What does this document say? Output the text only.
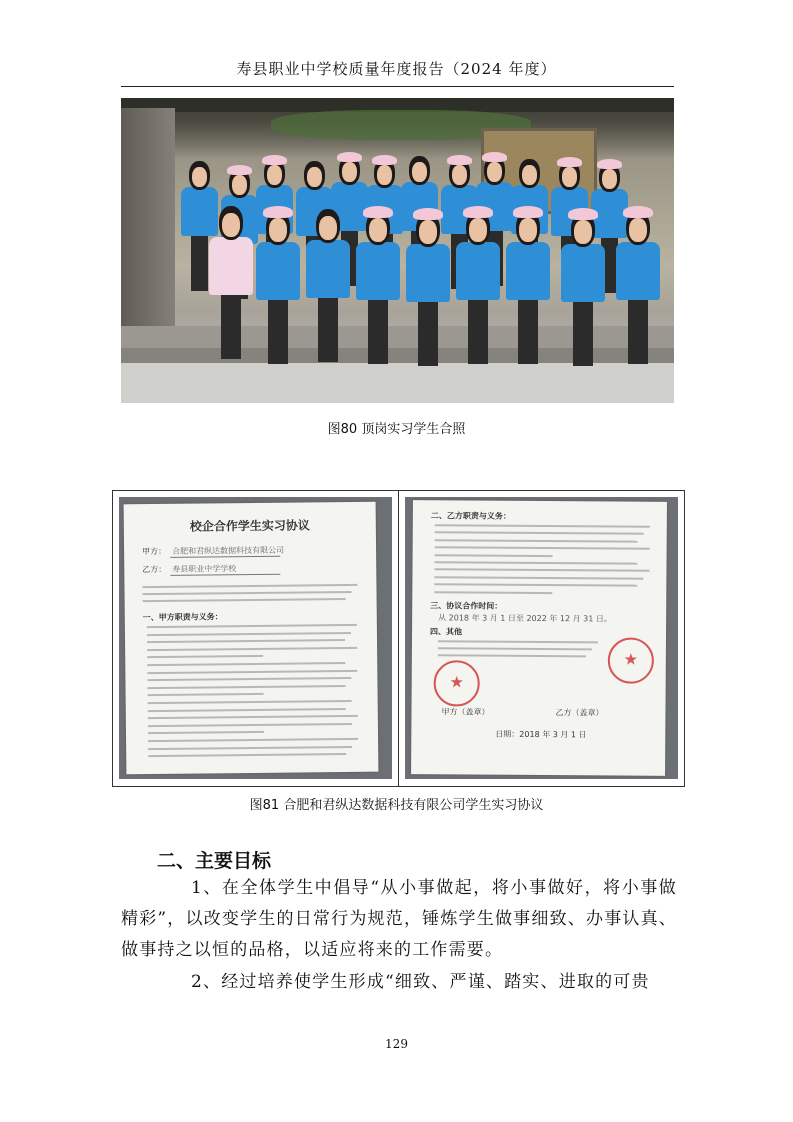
寿县职业中学校质量年度报告（2024 年度）
图80 顶岗实习学生合照
校企合作学生实习协议
甲方： 合肥和君纵达数据科技有限公司
乙方： 寿县职业中学学校
一、甲方职责与义务：
二、乙方职责与义务：
三、协议合作时间：
从 2018 年 3 月 1 日至 2022 年 12 月 31 日。
四、其他
★
★
甲方（盖章）	乙方（盖章）
日期：2018 年 3 月 1 日
图81 合肥和君纵达数据科技有限公司学生实习协议
二、主要目标
1、在全体学生中倡导“从小事做起，将小事做好，将小事做精彩”，以改变学生的日常行为规范，锤炼学生做事细致、办事认真、做事持之以恒的品格，以适应将来的工作需要。
2、经过培养使学生形成“细致、严谨、踏实、进取的可贵
129
